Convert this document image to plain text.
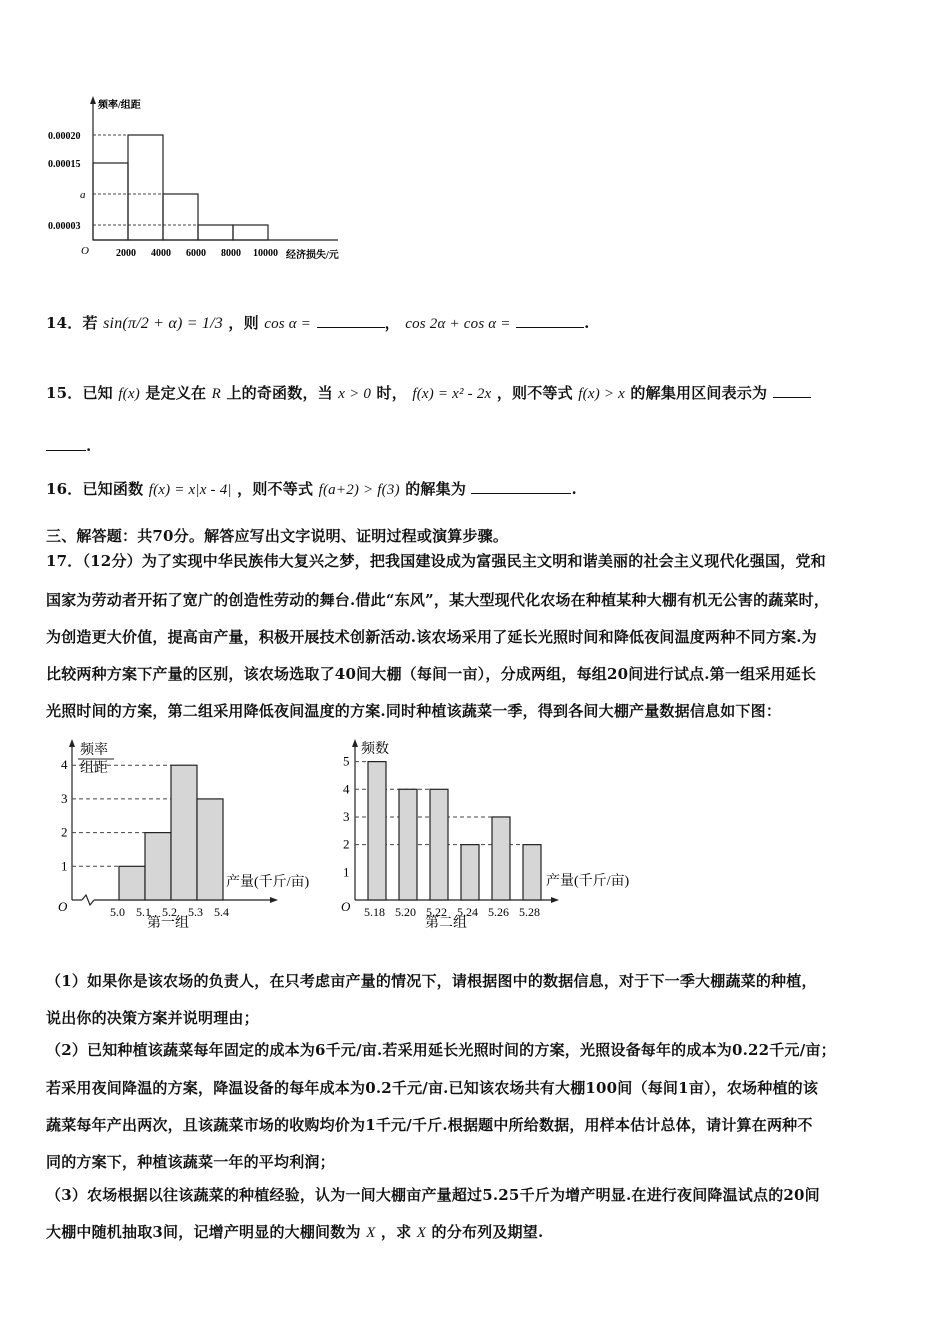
频率/组距
经济损失/元
O
0.00020
0.00015
a
0.00003
2000 4000 6000 8000 10000
14．若 sin(π/2 + α) = 1/3 ，则 cos α =	， cos 2α + cos α =	.
15．已知 f(x) 是定义在 R 上的奇函数，当 x > 0 时， f(x) = x² - 2x ，则不等式 f(x) > x 的解集用区间表示为
.
16．已知函数 f(x) = x|x - 4| ，则不等式 f(a+2) > f(3) 的解集为	.
三、解答题：共70分。解答应写出文字说明、证明过程或演算步骤。
17．（12分）为了实现中华民族伟大复兴之梦，把我国建设成为富强民主文明和谐美丽的社会主义现代化强国，党和
国家为劳动者开拓了宽广的创造性劳动的舞台.借此“东风”，某大型现代化农场在种植某种大棚有机无公害的蔬菜时，
为创造更大价值，提高亩产量，积极开展技术创新活动.该农场采用了延长光照时间和降低夜间温度两种不同方案.为
比较两种方案下产量的区别，该农场选取了40间大棚（每间一亩），分成两组，每组20间进行试点.第一组采用延长
光照时间的方案，第二组采用降低夜间温度的方案.同时种植该蔬菜一季，得到各间大棚产量数据信息如下图：
频率
组距
产量(千斤/亩)
O
1
2
3
4
5.0 5.1 5.2 5.3 5.4
第一组
频数
产量(千斤/亩)
O
1
2
3
4
5
5.18 5.20 5.22 5.24 5.26 5.28
第二组
（1）如果你是该农场的负责人，在只考虑亩产量的情况下，请根据图中的数据信息，对于下一季大棚蔬菜的种植，
说出你的决策方案并说明理由；
（2）已知种植该蔬菜每年固定的成本为6千元/亩.若采用延长光照时间的方案，光照设备每年的成本为0.22千元/亩；
若采用夜间降温的方案，降温设备的每年成本为0.2千元/亩.已知该农场共有大棚100间（每间1亩），农场种植的该
蔬菜每年产出两次，且该蔬菜市场的收购均价为1千元/千斤.根据题中所给数据，用样本估计总体，请计算在两种不
同的方案下，种植该蔬菜一年的平均利润；
（3）农场根据以往该蔬菜的种植经验，认为一间大棚亩产量超过5.25千斤为增产明显.在进行夜间降温试点的20间
大棚中随机抽取3间，记增产明显的大棚间数为 X ，求 X 的分布列及期望.
